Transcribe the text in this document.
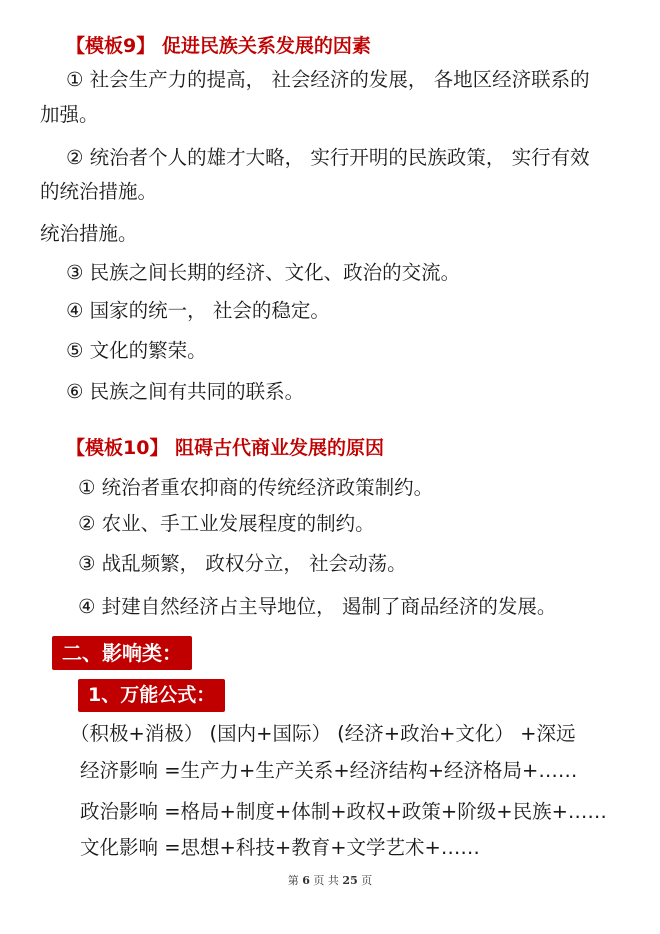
【模板9】 促进民族关系发展的因素
① 社会生产力的提高， 社会经济的发展， 各地区经济联系的
加强。
② 统治者个人的雄才大略， 实行开明的民族政策， 实行有效
的统治措施。
统治措施。
③ 民族之间长期的经济、文化、政治的交流。
④ 国家的统一， 社会的稳定。
⑤ 文化的繁荣。
⑥ 民族之间有共同的联系。
【模板10】 阻碍古代商业发展的原因
① 统治者重农抑商的传统经济政策制约。
② 农业、手工业发展程度的制约。
③ 战乱频繁， 政权分立， 社会动荡。
④ 封建自然经济占主导地位， 遏制了商品经济的发展。
二、影响类：
1、万能公式：
（积极+消极） (国内+国际） (经济+政治+文化） +深远
经济影响 =生产力+生产关系+经济结构+经济格局+……
政治影响 =格局+制度+体制+政权+政策+阶级+民族+……
文化影响 =思想+科技+教育+文学艺术+……
第 6 页 共 25 页
